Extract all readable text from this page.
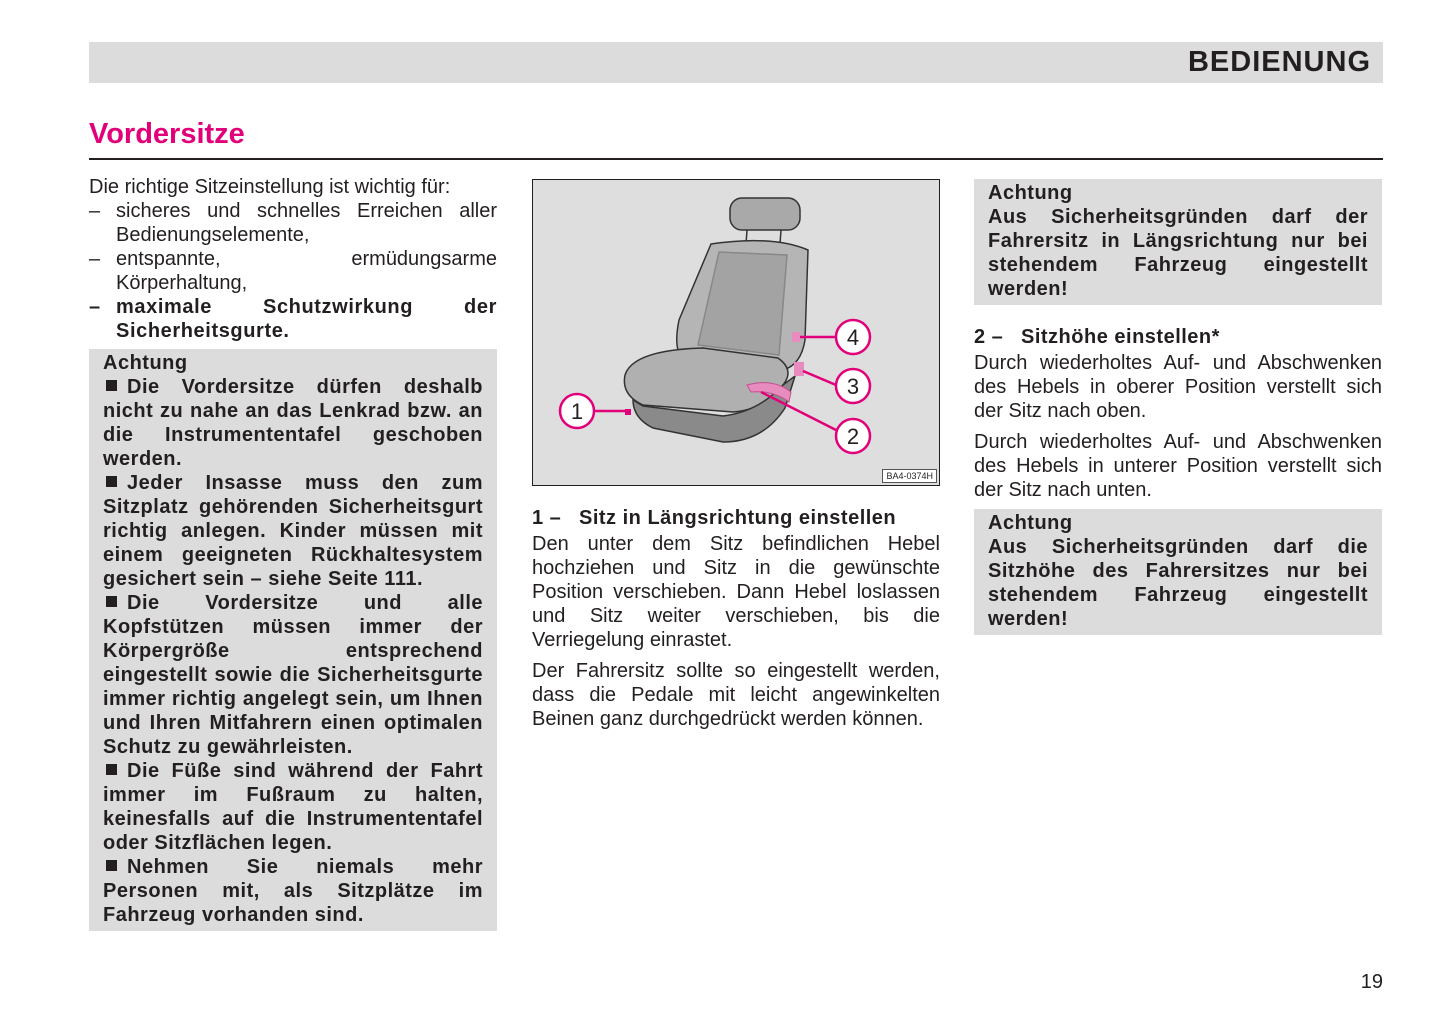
BEDIENUNG
Vordersitze
Die richtige Sitzeinstellung ist wichtig für:
– sicheres und schnelles Erreichen aller Bedienungselemente,
– entspannte, ermüdungsarme Körperhaltung,
– maximale Schutzwirkung der Sicherheitsgurte.
Achtung

Die Vordersitze dürfen deshalb nicht zu nahe an das Lenkrad bzw. an die Instrumententafel geschoben werden.

Jeder Insasse muss den zum Sitzplatz gehörenden Sicherheitsgurt richtig anlegen. Kinder müssen mit einem geeigneten Rückhaltesystem gesichert sein – siehe Seite 111.

Die Vordersitze und alle Kopfstützen müssen immer der Körpergröße entsprechend eingestellt sowie die Sicherheitsgurte immer richtig angelegt sein, um Ihnen und Ihren Mitfahrern einen optimalen Schutz zu gewährleisten.

Die Füße sind während der Fahrt immer im Fußraum zu halten, keinesfalls auf die Instrumententafel oder Sitzflächen legen.

Nehmen Sie niemals mehr Personen mit, als Sitzplätze im Fahrzeug vorhanden sind.

1
2
3
4
BA4-0374H
1 – Sitz in Längsrichtung einstellen

Den unter dem Sitz befindlichen Hebel hochziehen und Sitz in die gewünschte Position verschieben. Dann Hebel loslassen und Sitz weiter verschieben, bis die Verriegelung einrastet.

Der Fahrersitz sollte so eingestellt werden, dass die Pedale mit leicht angewinkelten Beinen ganz durchgedrückt werden können.

Achtung

Aus Sicherheitsgründen darf der Fahrersitz in Längsrichtung nur bei stehendem Fahrzeug eingestellt werden!

2 – Sitzhöhe einstellen*

Durch wiederholtes Auf- und Abschwenken des Hebels in oberer Position verstellt sich der Sitz nach oben.

Durch wiederholtes Auf- und Abschwenken des Hebels in unterer Position verstellt sich der Sitz nach unten.

Achtung

Aus Sicherheitsgründen darf die Sitzhöhe des Fahrersitzes nur bei stehendem Fahrzeug eingestellt werden!

19
